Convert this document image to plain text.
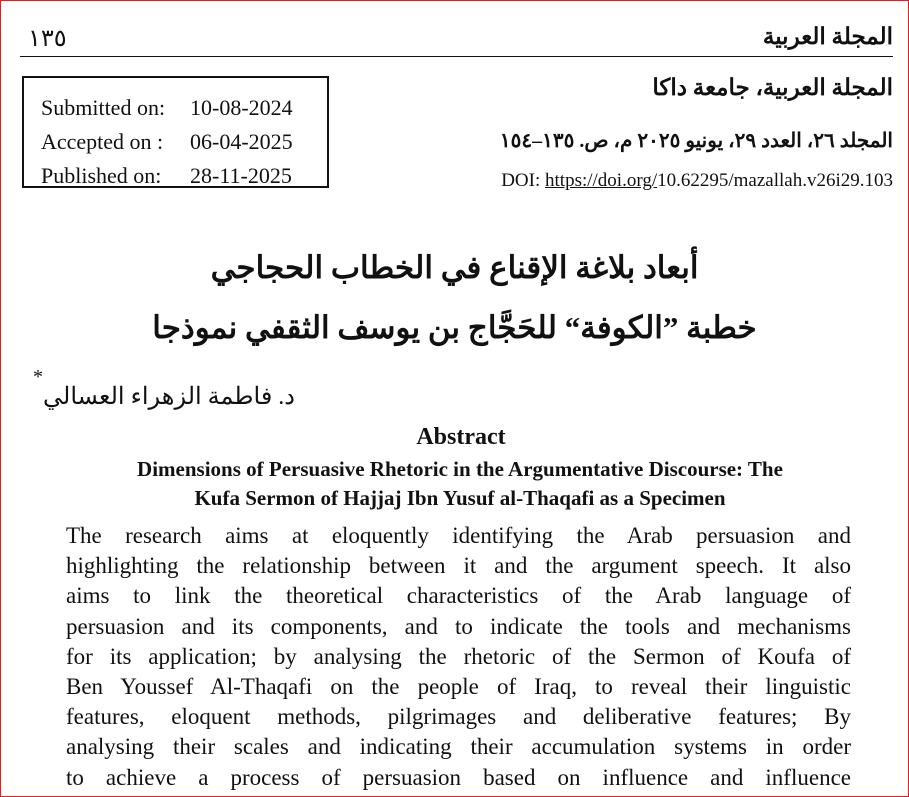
١٣٥	المجلة العربية
Submitted on:	10-08-2024
Accepted on :	06-04-2025
Published on:	28-11-2025
المجلة العربية، جامعة داكا
المجلد ٢٦، العدد ٢٩، يونيو ٢٠٢٥ م، ص. ١٣٥–١٥٤
DOI: https://doi.org/10.62295/mazallah.v26i29.103
أبعاد بلاغة الإقناع في الخطاب الحجاجي
خطبة ”الكوفة“ للحَجَّاج بن يوسف الثقفي نموذجا
*
د. فاطمة الزهراء العسالي
Abstract
Dimensions of Persuasive Rhetoric in the Argumentative Discourse: The
Kufa Sermon of Hajjaj Ibn Yusuf al-Thaqafi as a Specimen
The research aims at eloquently identifying the Arab persuasion and
highlighting the relationship between it and the argument speech. It also
aims to link the theoretical characteristics of the Arab language of
persuasion and its components, and to indicate the tools and mechanisms
for its application; by analysing the rhetoric of the Sermon of Koufa of
Ben Youssef Al-Thaqafi on the people of Iraq, to reveal their linguistic
features, eloquent methods, pilgrimages and deliberative features; By
analysing their scales and indicating their accumulation systems in order
to achieve a process of persuasion based on influence and influence
